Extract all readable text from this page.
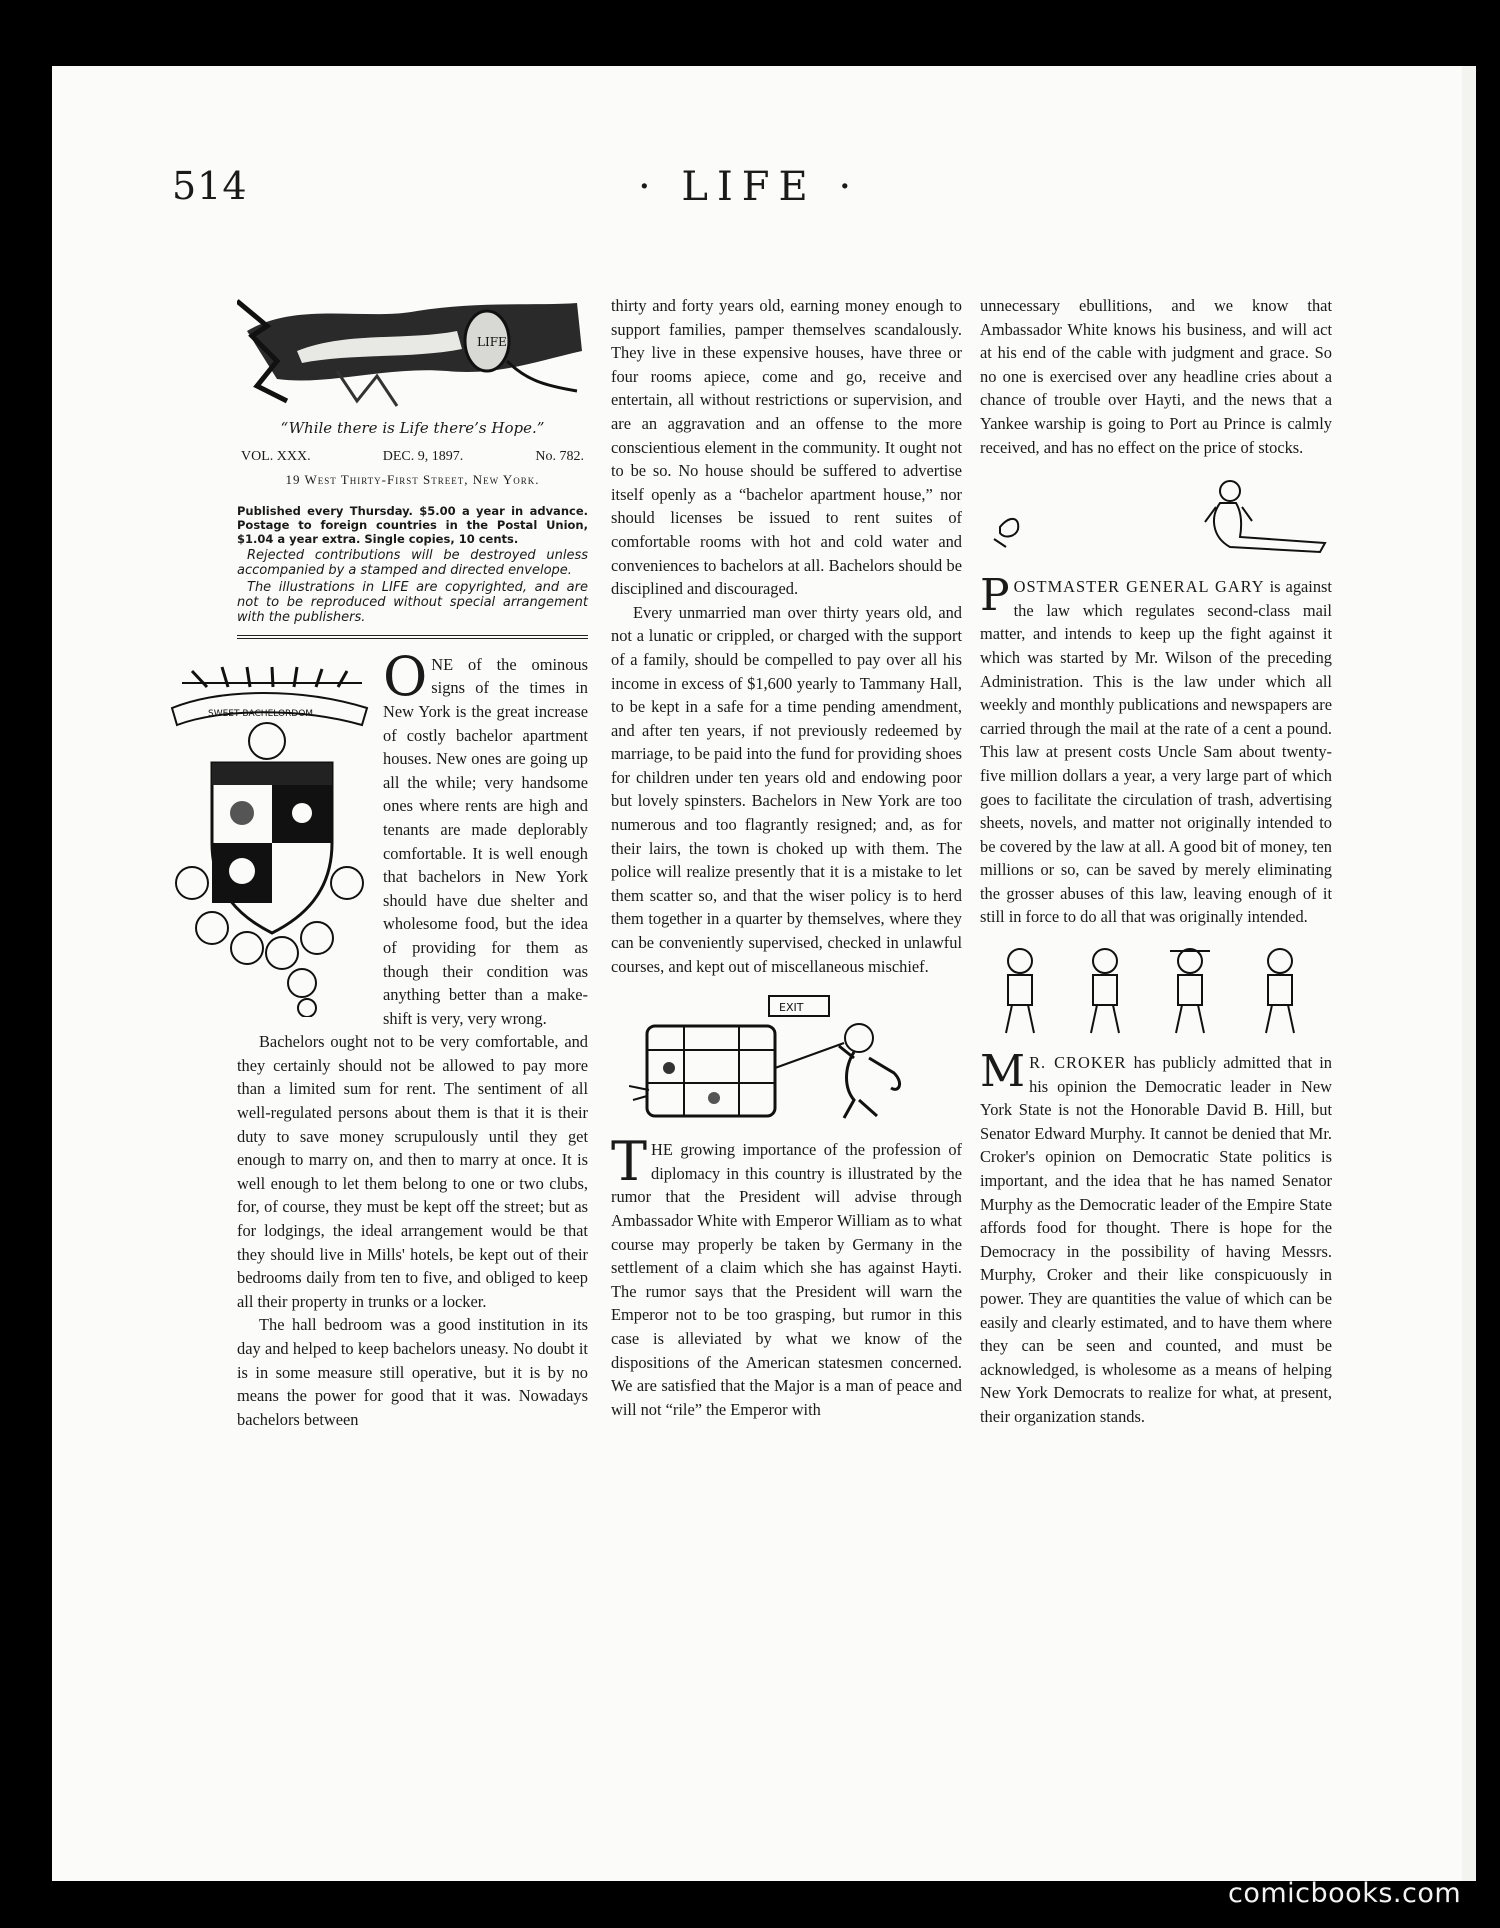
514	· LIFE ·
LIFE
“While there is Life there’s Hope.”
VOL. XXX.	DEC. 9, 1897.	No. 782.
19 West Thirty-First Street, New York.
Published every Thursday. $5.00 a year in advance. Postage to foreign countries in the Postal Union, $1.04 a year extra. Single copies, 10 cents.
Rejected contributions will be destroyed unless accompanied by a stamped and directed envelope.
The illustrations in LIFE are copyrighted, and are not to be reproduced without special arrangement with the publishers.
SWEET BACHELORDOM

ONE of the ominous signs of the times in New York is the great increase of costly bachelor apartment houses. New ones are going up all the while; very handsome ones where rents are high and tenants are made deplorably comfortable. It is well enough that bachelors in New York should have due shelter and wholesome food, but the idea of providing for them as though their condition was anything better than a make-shift is very, very wrong.

Bachelors ought not to be very comfortable, and they certainly should not be allowed to pay more than a limited sum for rent. The sentiment of all well-regulated persons about them is that it is their duty to save money scrupulously until they get enough to marry on, and then to marry at once. It is well enough to let them belong to one or two clubs, for, of course, they must be kept off the street; but as for lodgings, the ideal arrangement would be that they should live in Mills' hotels, be kept out of their bedrooms daily from ten to five, and obliged to keep all their property in trunks or a locker.

The hall bedroom was a good institution in its day and helped to keep bachelors uneasy. No doubt it is in some measure still operative, but it is by no means the power for good that it was. Nowadays bachelors between

thirty and forty years old, earning money enough to support families, pamper themselves scandalously. They live in these expensive houses, have three or four rooms apiece, come and go, receive and entertain, all without restrictions or supervision, and are an aggravation and an offense to the more conscientious element in the community. It ought not to be so. No house should be suffered to advertise itself openly as a “bachelor apartment house,” nor should licenses be issued to rent suites of comfortable rooms with hot and cold water and conveniences to bachelors at all. Bachelors should be disciplined and discouraged.

Every unmarried man over thirty years old, and not a lunatic or crippled, or charged with the support of a family, should be compelled to pay over all his income in excess of $1,600 yearly to Tammany Hall, to be kept in a safe for a time pending amendment, and after ten years, if not previously redeemed by marriage, to be paid into the fund for providing shoes for children under ten years old and endowing poor but lovely spinsters. Bachelors in New York are too numerous and too flagrantly resigned; and, as for their lairs, the town is choked up with them. The police will realize presently that it is a mistake to let them scatter so, and that the wiser policy is to herd them together in a quarter by themselves, where they can be conveniently supervised, checked in unlawful courses, and kept out of miscellaneous mischief.

EXIT

THE growing importance of the profession of diplomacy in this country is illustrated by the rumor that the President will advise through Ambassador White with Emperor William as to what course may properly be taken by Germany in the settlement of a claim which she has against Hayti. The rumor says that the President will warn the Emperor not to be too grasping, but rumor in this case is alleviated by what we know of the dispositions of the American statesmen concerned. We are satisfied that the Major is a man of peace and will not “rile” the Emperor with

unnecessary ebullitions, and we know that Ambassador White knows his business, and will act at his end of the cable with judgment and grace. So no one is exercised over any headline cries about a chance of trouble over Hayti, and the news that a Yankee warship is going to Port au Prince is calmly received, and has no effect on the price of stocks.

POSTMASTER GENERAL GARY is against the law which regulates second-class mail matter, and intends to keep up the fight against it which was started by Mr. Wilson of the preceding Administration. This is the law under which all weekly and monthly publications and newspapers are carried through the mail at the rate of a cent a pound. This law at present costs Uncle Sam about twenty-five million dollars a year, a very large part of which goes to facilitate the circulation of trash, advertising sheets, novels, and matter not originally intended to be covered by the law at all. A good bit of money, ten millions or so, can be saved by merely eliminating the grosser abuses of this law, leaving enough of it still in force to do all that was originally intended.

M R. CROKER has publicly admitted that in his opinion the Democratic leader in New York State is not the Honorable David B. Hill, but Senator Edward Murphy. It cannot be denied that Mr. Croker's opinion on Democratic State politics is important, and the idea that he has named Senator Murphy as the Democratic leader of the Empire State affords food for thought. There is hope for the Democracy in the possibility of having Messrs. Murphy, Croker and their like conspicuously in power. They are quantities the value of which can be easily and clearly estimated, and to have them where they can be seen and counted, and must be acknowledged, is wholesome as a means of helping New York Democrats to realize for what, at present, their organization stands.

comicbooks.com
